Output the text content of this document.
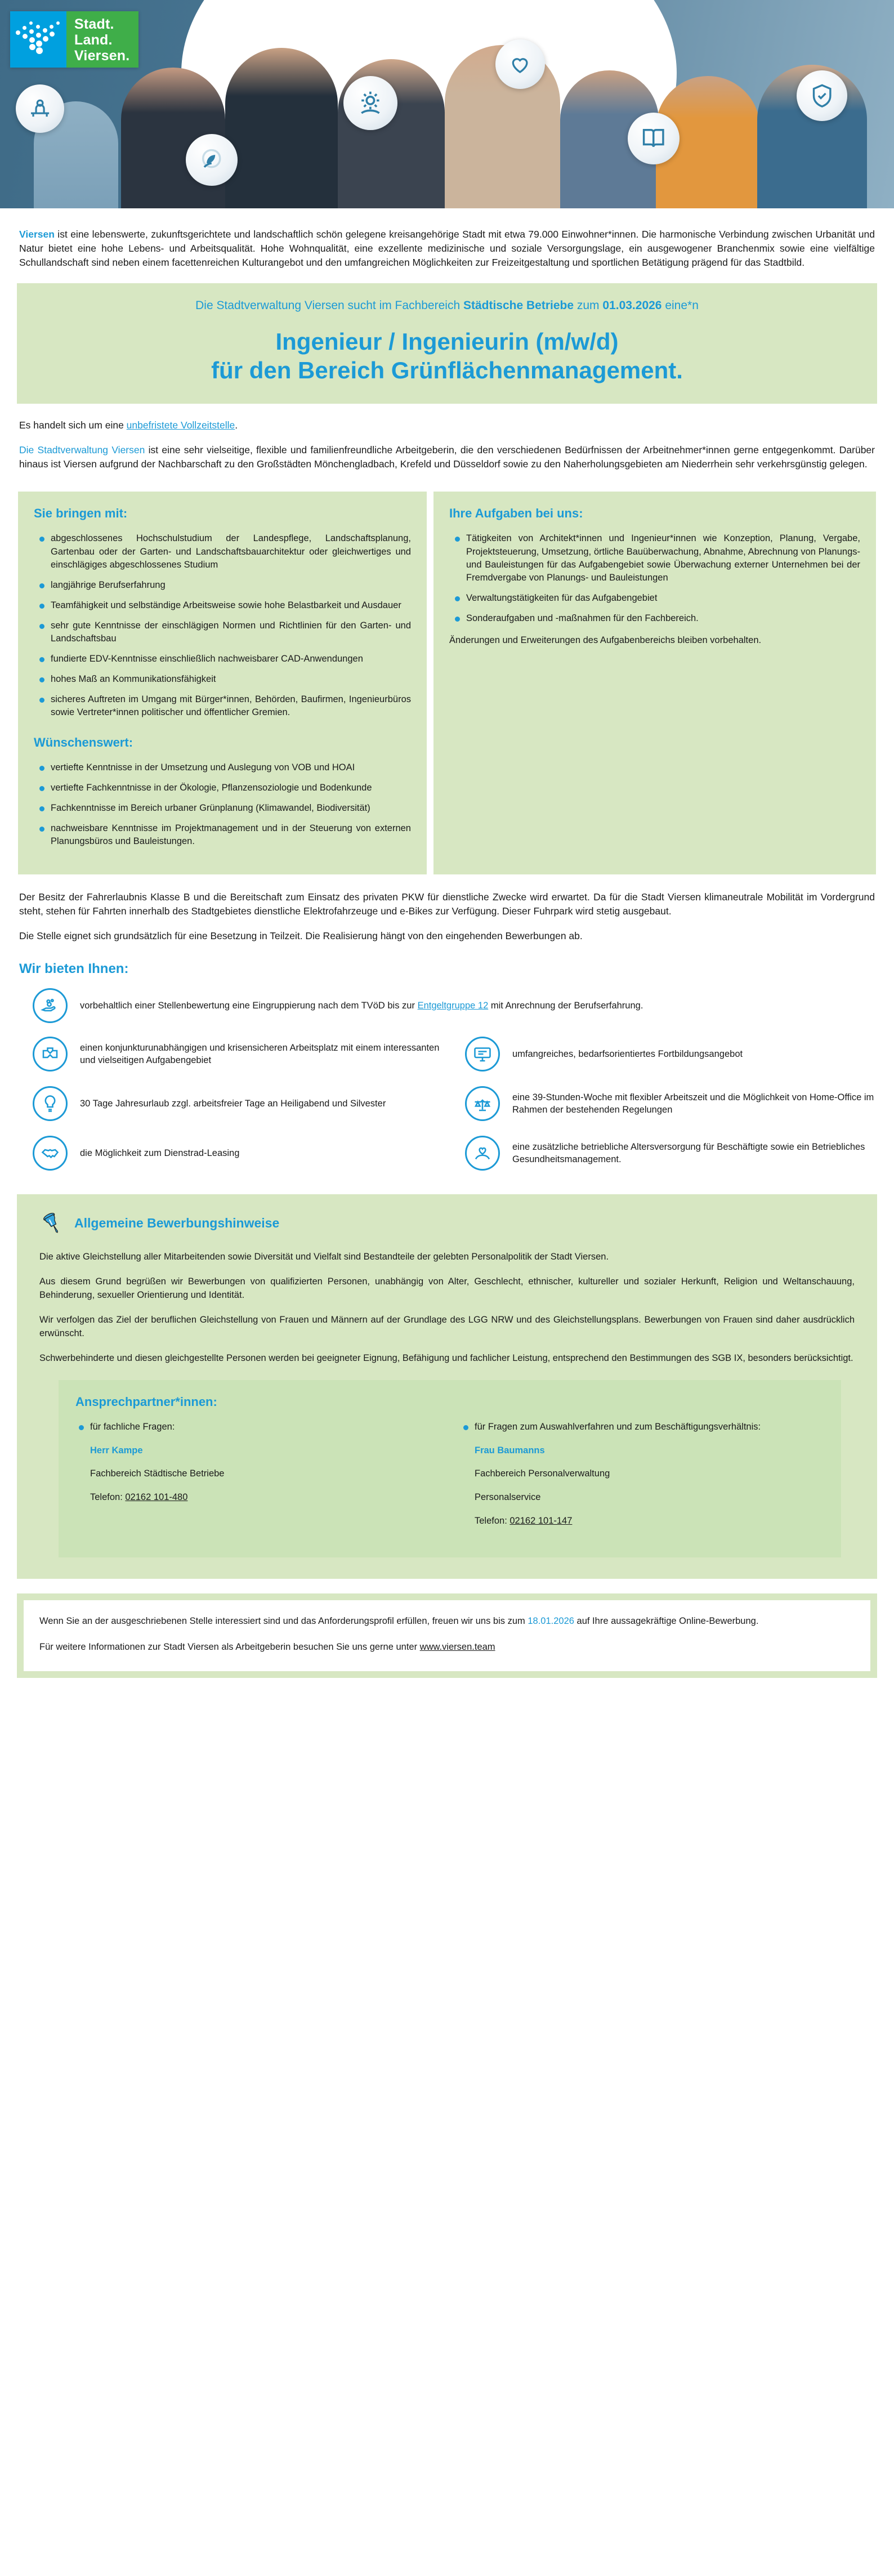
Stadt.
Land.
Viersen.
Viersen ist eine lebenswerte, zukunftsgerichtete und landschaftlich schön gelegene kreisangehörige Stadt mit etwa 79.000 Einwohner*innen. Die harmonische Verbindung zwischen Urbanität und Natur bietet eine hohe Lebens- und Arbeitsqualität. Hohe Wohnqualität, eine exzellente medizinische und soziale Versorgungslage, ein ausgewogener Branchenmix sowie eine vielfältige Schullandschaft sind neben einem facettenreichen Kulturangebot und den umfangreichen Möglichkeiten zur Freizeitgestaltung und sportlichen Betätigung prägend für das Stadtbild.
Die Stadtverwaltung Viersen sucht im Fachbereich Städtische Betriebe zum 01.03.2026 eine*n
Ingenieur / Ingenieurin (m/w/d)
für den Bereich Grünflächenmanagement.

Es handelt sich um eine unbefristete Vollzeitstelle.

Die Stadtverwaltung Viersen ist eine sehr vielseitige, flexible und familienfreundliche Arbeitgeberin, die den verschiedenen Bedürfnissen der Arbeitnehmer*innen gerne entgegenkommt. Darüber hinaus ist Viersen aufgrund der Nachbarschaft zu den Großstädten Mönchengladbach, Krefeld und Düsseldorf sowie zu den Naherholungsgebieten am Niederrhein sehr verkehrsgünstig gelegen.

Sie bringen mit:
abgeschlossenes Hochschulstudium der Landespflege, Landschaftsplanung, Gartenbau oder der Garten- und Landschaftsbauarchitektur oder gleichwertiges und einschlägiges abgeschlossenes Studium
langjährige Berufserfahrung
Teamfähigkeit und selbständige Arbeitsweise sowie hohe Belastbarkeit und Ausdauer
sehr gute Kenntnisse der einschlägigen Normen und Richtlinien für den Garten- und Landschaftsbau
fundierte EDV-Kenntnisse einschließlich nachweisbarer CAD-Anwendungen
hohes Maß an Kommunikationsfähigkeit
sicheres Auftreten im Umgang mit Bürger*innen, Behörden, Baufirmen, Ingenieurbüros sowie Vertreter*innen politischer und öffentlicher Gremien.
Wünschenswert:
vertiefte Kenntnisse in der Umsetzung und Auslegung von VOB und HOAI
vertiefte Fachkenntnisse in der Ökologie, Pflanzensoziologie und Bodenkunde
Fachkenntnisse im Bereich urbaner Grünplanung (Klimawandel, Biodiversität)
nachweisbare Kenntnisse im Projektmanagement und in der Steuerung von externen Planungsbüros und Bauleistungen.
Ihre Aufgaben bei uns:
Tätigkeiten von Architekt*innen und Ingenieur*innen wie Konzeption, Planung, Vergabe, Projektsteuerung, Umsetzung, örtliche Bauüberwachung, Abnahme, Abrechnung von Planungs- und Bauleistungen für das Aufgabengebiet sowie Überwachung externer Unternehmen bei der Fremdvergabe von Planungs- und Bauleistungen
Verwaltungstätigkeiten für das Aufgabengebiet
Sonderaufgaben und -maßnahmen für den Fachbereich.
Änderungen und Erweiterungen des Aufgabenbereichs bleiben vorbehalten.

Der Besitz der Fahrerlaubnis Klasse B und die Bereitschaft zum Einsatz des privaten PKW für dienstliche Zwecke wird erwartet. Da für die Stadt Viersen klimaneutrale Mobilität im Vordergrund steht, stehen für Fahrten innerhalb des Stadtgebietes dienstliche Elektrofahrzeuge und e-Bikes zur Verfügung. Dieser Fuhrpark wird stetig ausgebaut.

Die Stelle eignet sich grundsätzlich für eine Besetzung in Teilzeit. Die Realisierung hängt von den eingehenden Bewerbungen ab.

Wir bieten Ihnen:
vorbehaltlich einer Stellenbewertung eine Eingruppierung nach dem TVöD bis zur Entgeltgruppe 12 mit Anrechnung der Berufserfahrung.
einen konjunkturunabhängigen und krisensicheren Arbeitsplatz mit einem interessanten und vielseitigen Aufgabengebiet
umfangreiches, bedarfsorientiertes Fortbildungsangebot
30 Tage Jahresurlaub zzgl. arbeitsfreier Tage an Heiligabend und Silvester
eine 39-Stunden-Woche mit flexibler Arbeitszeit und die Möglichkeit von Home-Office im Rahmen der bestehenden Regelungen
die Möglichkeit zum Dienstrad-Leasing
eine zusätzliche betriebliche Altersversorgung für Beschäftigte sowie ein Betriebliches Gesundheitsmanagement.
Allgemeine Bewerbungshinweise

Die aktive Gleichstellung aller Mitarbeitenden sowie Diversität und Vielfalt sind Bestandteile der gelebten Personalpolitik der Stadt Viersen.

Aus diesem Grund begrüßen wir Bewerbungen von qualifizierten Personen, unabhängig von Alter, Geschlecht, ethnischer, kultureller und sozialer Herkunft, Religion und Weltanschauung, Behinderung, sexueller Orientierung und Identität.

Wir verfolgen das Ziel der beruflichen Gleichstellung von Frauen und Männern auf der Grundlage des LGG NRW und des Gleichstellungsplans. Bewerbungen von Frauen sind daher ausdrücklich erwünscht.

Schwerbehinderte und diesen gleichgestellte Personen werden bei geeigneter Eignung, Befähigung und fachlicher Leistung, entsprechend den Bestimmungen des SGB IX, besonders berücksichtigt.

Ansprechpartner*innen:
für fachliche Fragen:
Herr Kampe
Fachbereich Städtische Betriebe
Telefon: 02162 101-480
für Fragen zum Auswahlverfahren und zum Beschäftigungsverhältnis:
Frau Baumanns
Fachbereich Personalverwaltung
Personalservice
Telefon: 02162 101-147

Wenn Sie an der ausgeschriebenen Stelle interessiert sind und das Anforderungsprofil erfüllen, freuen wir uns bis zum 18.01.2026 auf Ihre aussagekräftige Online-Bewerbung.

Für weitere Informationen zur Stadt Viersen als Arbeitgeberin besuchen Sie uns gerne unter www.viersen.team
